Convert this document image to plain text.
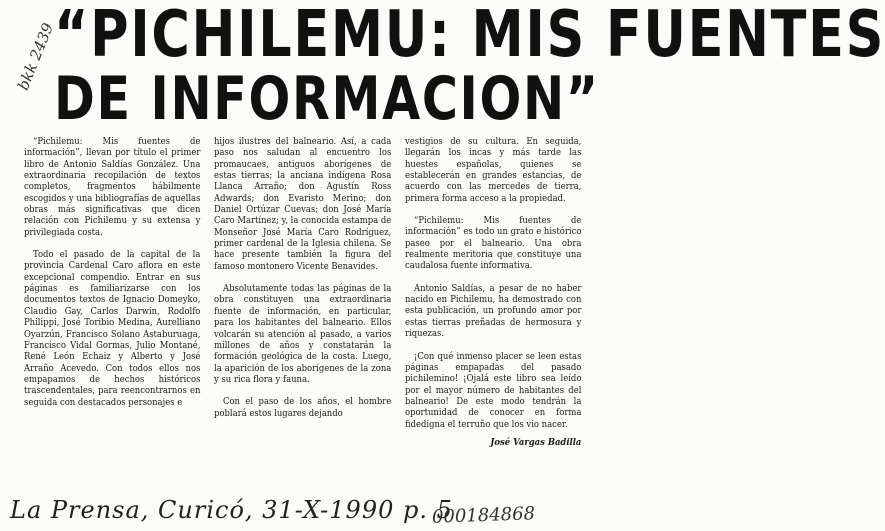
“PICHILEMU: MIS FUENTES
DE INFORMACION”
bkk 2439

“Pichilemu: Mis fuentes de información”, llevan por título el primer libro de Antonio Saldías González. Una extraordinaria recopilación de textos completos, fragmentos hábilmente escogidos y una bibliografías de aquellas obras más significativas que dicen relación con Pichilemu y su extensa y privilegiada costa.

Todo el pasado de la capital de la provincia Cardenal Caro aflora en este excepcional compendio. Entrar en sus páginas es familiarizarse con los documentos textos de Ignacio Domeyko, Claudio Gay, Carlos Darwin, Rodolfo Philippi, José Toribio Medina, Aurelliano Oyarzún, Francisco Solano Astaburuaga, Francisco Vidal Gormas, Julio Montané, René León Echaiz y Alberto y José Arraño Acevedo. Con todos ellos nos empapamos de hechos históricos trascendentales, para reencontrarnos en seguida con destacados personajes e

hijos ilustres del balneario. Así, a cada paso nos saludan al encuentro los promaucaes, antiguos aborígenes de estas tierras; la anciana indígena Rosa Llanca Arraño; don Agustín Ross Adwards; don Evaristo Merino; don Daniel Ortúzar Cuevas; don José María Caro Martínez; y, la conocida estampa de Monseñor José María Caro Rodríguez, primer cardenal de la Iglesia chilena. Se hace presente también la figura del famoso montonero Vicente Benavides.

Absolutamente todas las páginas de la obra constituyen una extraordinaria fuente de información, en particular, para los habitantes del balneario. Ellos volcarán su atención al pasado, a varios millones de años y constatarán la formación geológica de la costa. Luego, la aparición de los aborígenes de la zona y su rica flora y fauna.

Con el paso de los años, el hombre poblará estos lugares dejando

vestigios de su cultura. En seguida, llegarán los incas y más tarde las huestes españolas, quienes se establecerán en grandes estancias, de acuerdo con las mercedes de tierra, primera forma acceso a la propiedad.

“Pichilemu: Mis fuentes de información” es todo un grato e histórico paseo por el balneario. Una obra realmente meritoria que constituye una caudalosa fuente informativa.

Antonio Saldías, a pesar de no haber nacido en Pichilemu, ha demostrado con esta publicación, un profundo amor por estas tierras preñadas de hermosura y riquezas.

¡Con qué inmenso placer se leen estas páginas empapadas del pasado pichilemino! ¡Ojalá este libro sea leído por el mayor número de habitantes del balneario! De este modo tendrán la oportunidad de conocer en forma fidedigna el terruño que los vio nacer.

José Vargas Badilla
La Prensa, Curicó, 31-X-1990 p. 5
000184868
